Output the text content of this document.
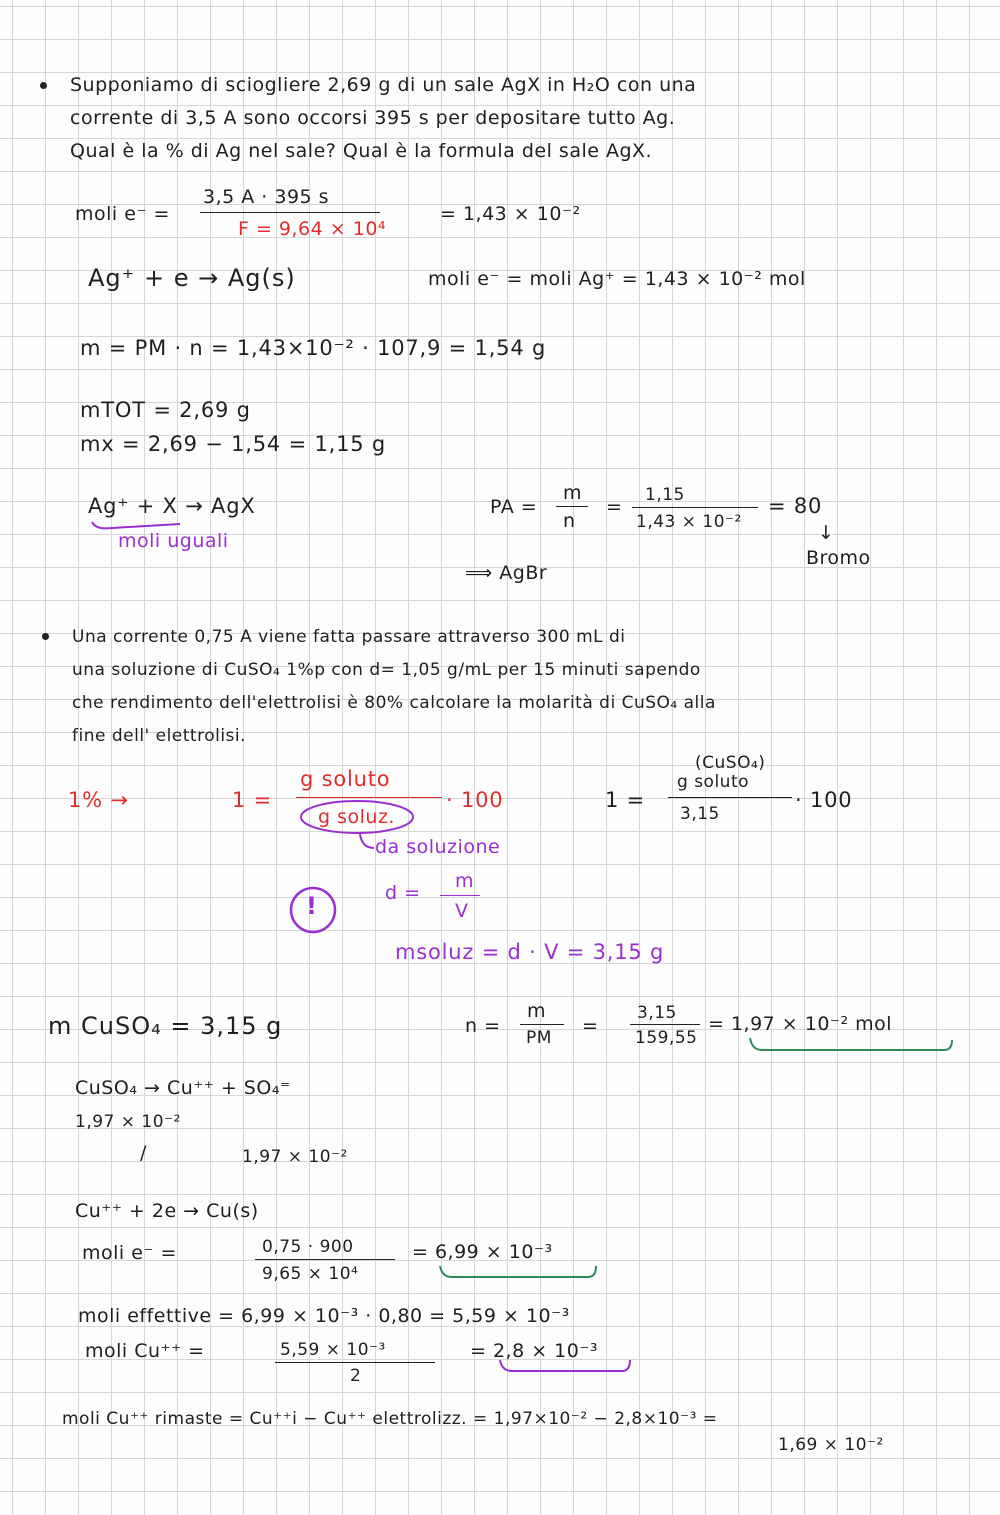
Supponiamo di sciogliere 2,69 g di un sale AgX in H₂O con una
corrente di 3,5 A sono occorsi 395 s per depositare tutto Ag.
Qual è la % di Ag nel sale? Qual è la formula del sale AgX.
moli e⁻ =
3,5 A · 395 s
F = 9,64 × 10⁴
= 1,43 × 10⁻²
Ag⁺ + e → Ag(s)	moli e⁻ = moli Ag⁺ = 1,43 × 10⁻² mol
m = PM · n = 1,43×10⁻² · 107,9 = 1,54 g
mTOT = 2,69 g
mx = 2,69 − 1,54 = 1,15 g
Ag⁺ + X → AgX
moli uguali
PA =
m
n
=
1,15
1,43 × 10⁻²
= 80
↓
Bromo
⟹ AgBr
Una corrente 0,75 A viene fatta passare attraverso 300 mL di
una soluzione di CuSO₄ 1%p con d= 1,05 g/mL per 15 minuti sapendo
che rendimento dell'elettrolisi è 80% calcolare la molarità di CuSO₄ alla
fine dell' elettrolisi.
1% →	1 =
g soluto
g soluz.
· 100
da soluzione
!	d =
m
V
msoluz = d · V = 3,15 g
1 =
(CuSO₄)
g soluto
3,15
· 100
m CuSO₄ = 3,15 g	n =
m
PM
=
3,15
159,55
= 1,97 × 10⁻² mol
CuSO₄ → Cu⁺⁺ + SO₄⁼
1,97 × 10⁻²
/	1,97 × 10⁻²
Cu⁺⁺ + 2e → Cu(s)
moli e⁻ =	0,75 · 900
9,65 × 10⁴
= 6,99 × 10⁻³
moli effettive = 6,99 × 10⁻³ · 0,80 = 5,59 × 10⁻³
moli Cu⁺⁺ =	5,59 × 10⁻³
2
= 2,8 × 10⁻³
moli Cu⁺⁺ rimaste = Cu⁺⁺i − Cu⁺⁺ elettrolizz. = 1,97×10⁻² − 2,8×10⁻³ =
1,69 × 10⁻²
